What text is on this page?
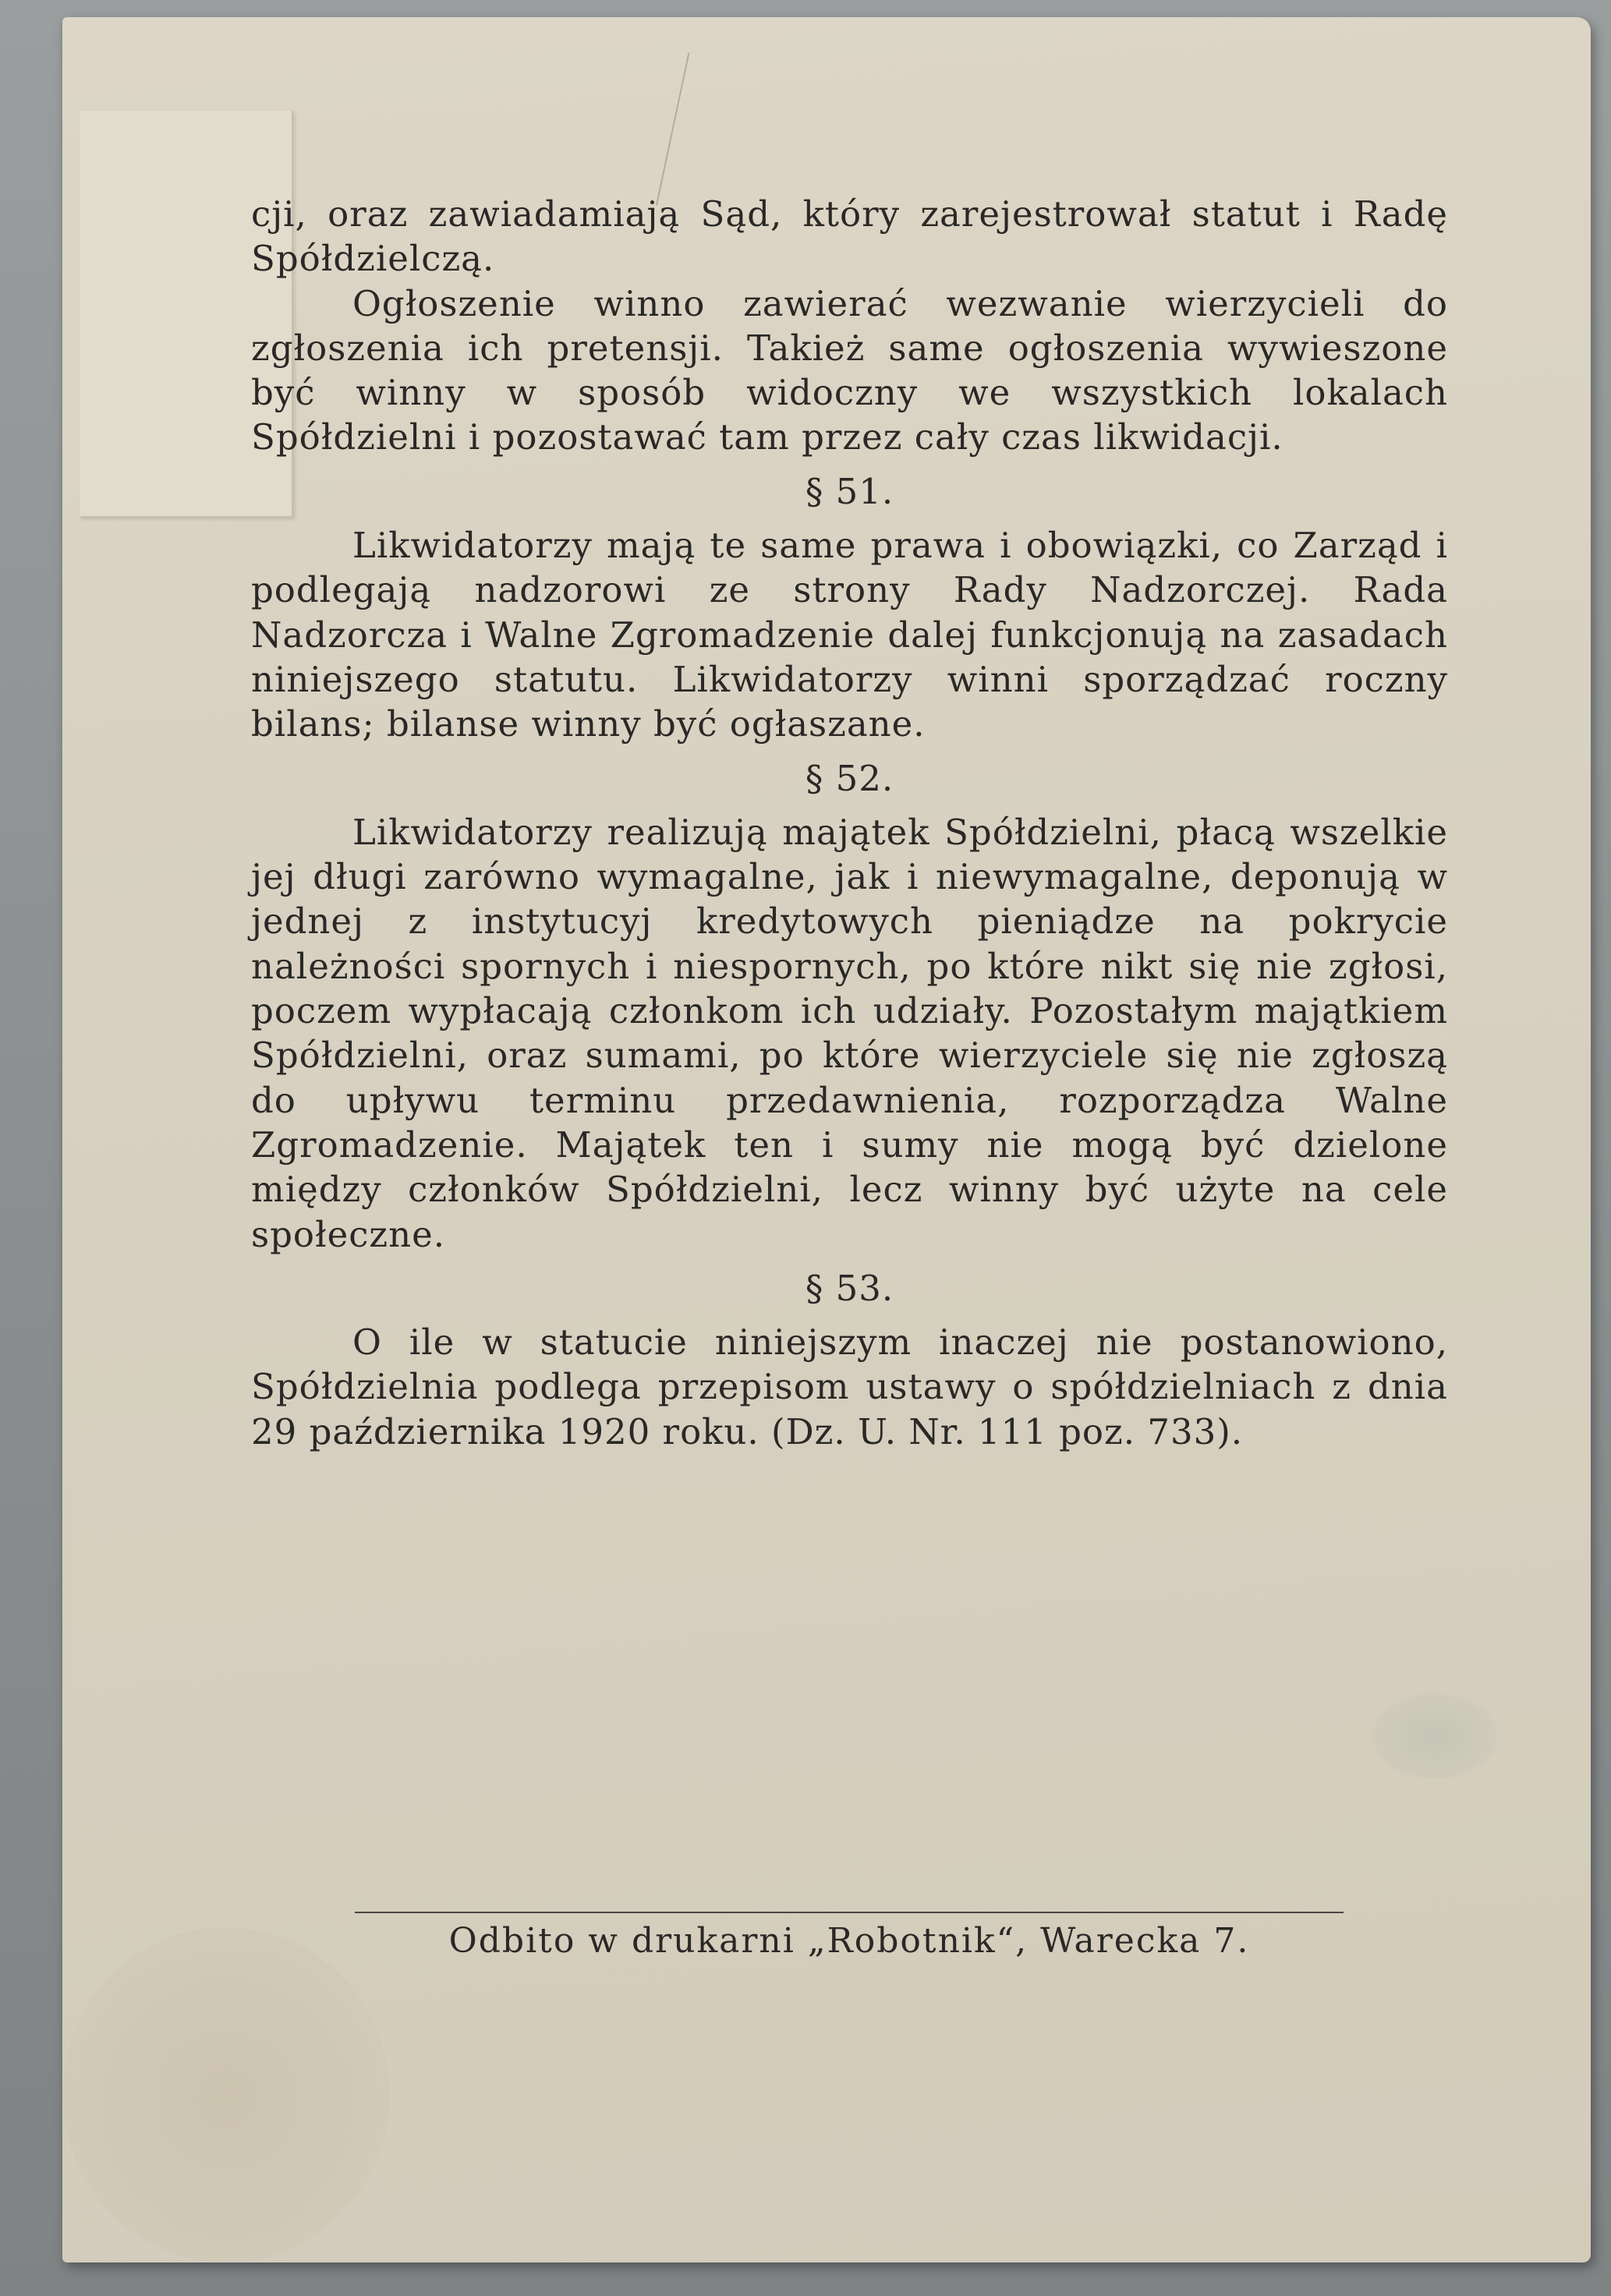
cji, oraz zawiadamiają Sąd, który zarejestrował statut i Radę Spółdzielczą.

Ogłoszenie winno zawierać wezwanie wierzycieli do zgłoszenia ich pretensji. Takież same ogłoszenia wywieszone być winny w sposób widoczny we wszystkich lokalach Spółdzielni i pozostawać tam przez cały czas likwidacji.

§ 51.

Likwidatorzy mają te same prawa i obowiązki, co Zarząd i podlegają nadzorowi ze strony Rady Nadzorczej. Rada Nadzorcza i Walne Zgromadzenie dalej funkcjonują na zasadach niniejszego statutu. Likwidatorzy winni sporządzać roczny bilans; bilanse winny być ogłaszane.

§ 52.

Likwidatorzy realizują majątek Spółdzielni, płacą wszelkie jej długi zarówno wymagalne, jak i niewymagalne, deponują w jednej z instytucyj kredytowych pieniądze na pokrycie należności spornych i niespornych, po które nikt się nie zgłosi, poczem wypłacają członkom ich udziały. Pozostałym majątkiem Spółdzielni, oraz sumami, po które wierzyciele się nie zgłoszą do upływu terminu przedawnienia, rozporządza Walne Zgromadzenie. Majątek ten i sumy nie mogą być dzielone między członków Spółdzielni, lecz winny być użyte na cele społeczne.

§ 53.

O ile w statucie niniejszym inaczej nie postanowiono, Spółdzielnia podlega przepisom ustawy o spółdzielniach z dnia 29 października 1920 roku. (Dz. U. Nr. 111 poz. 733).

Odbito w drukarni „Robotnik“, Warecka 7.
